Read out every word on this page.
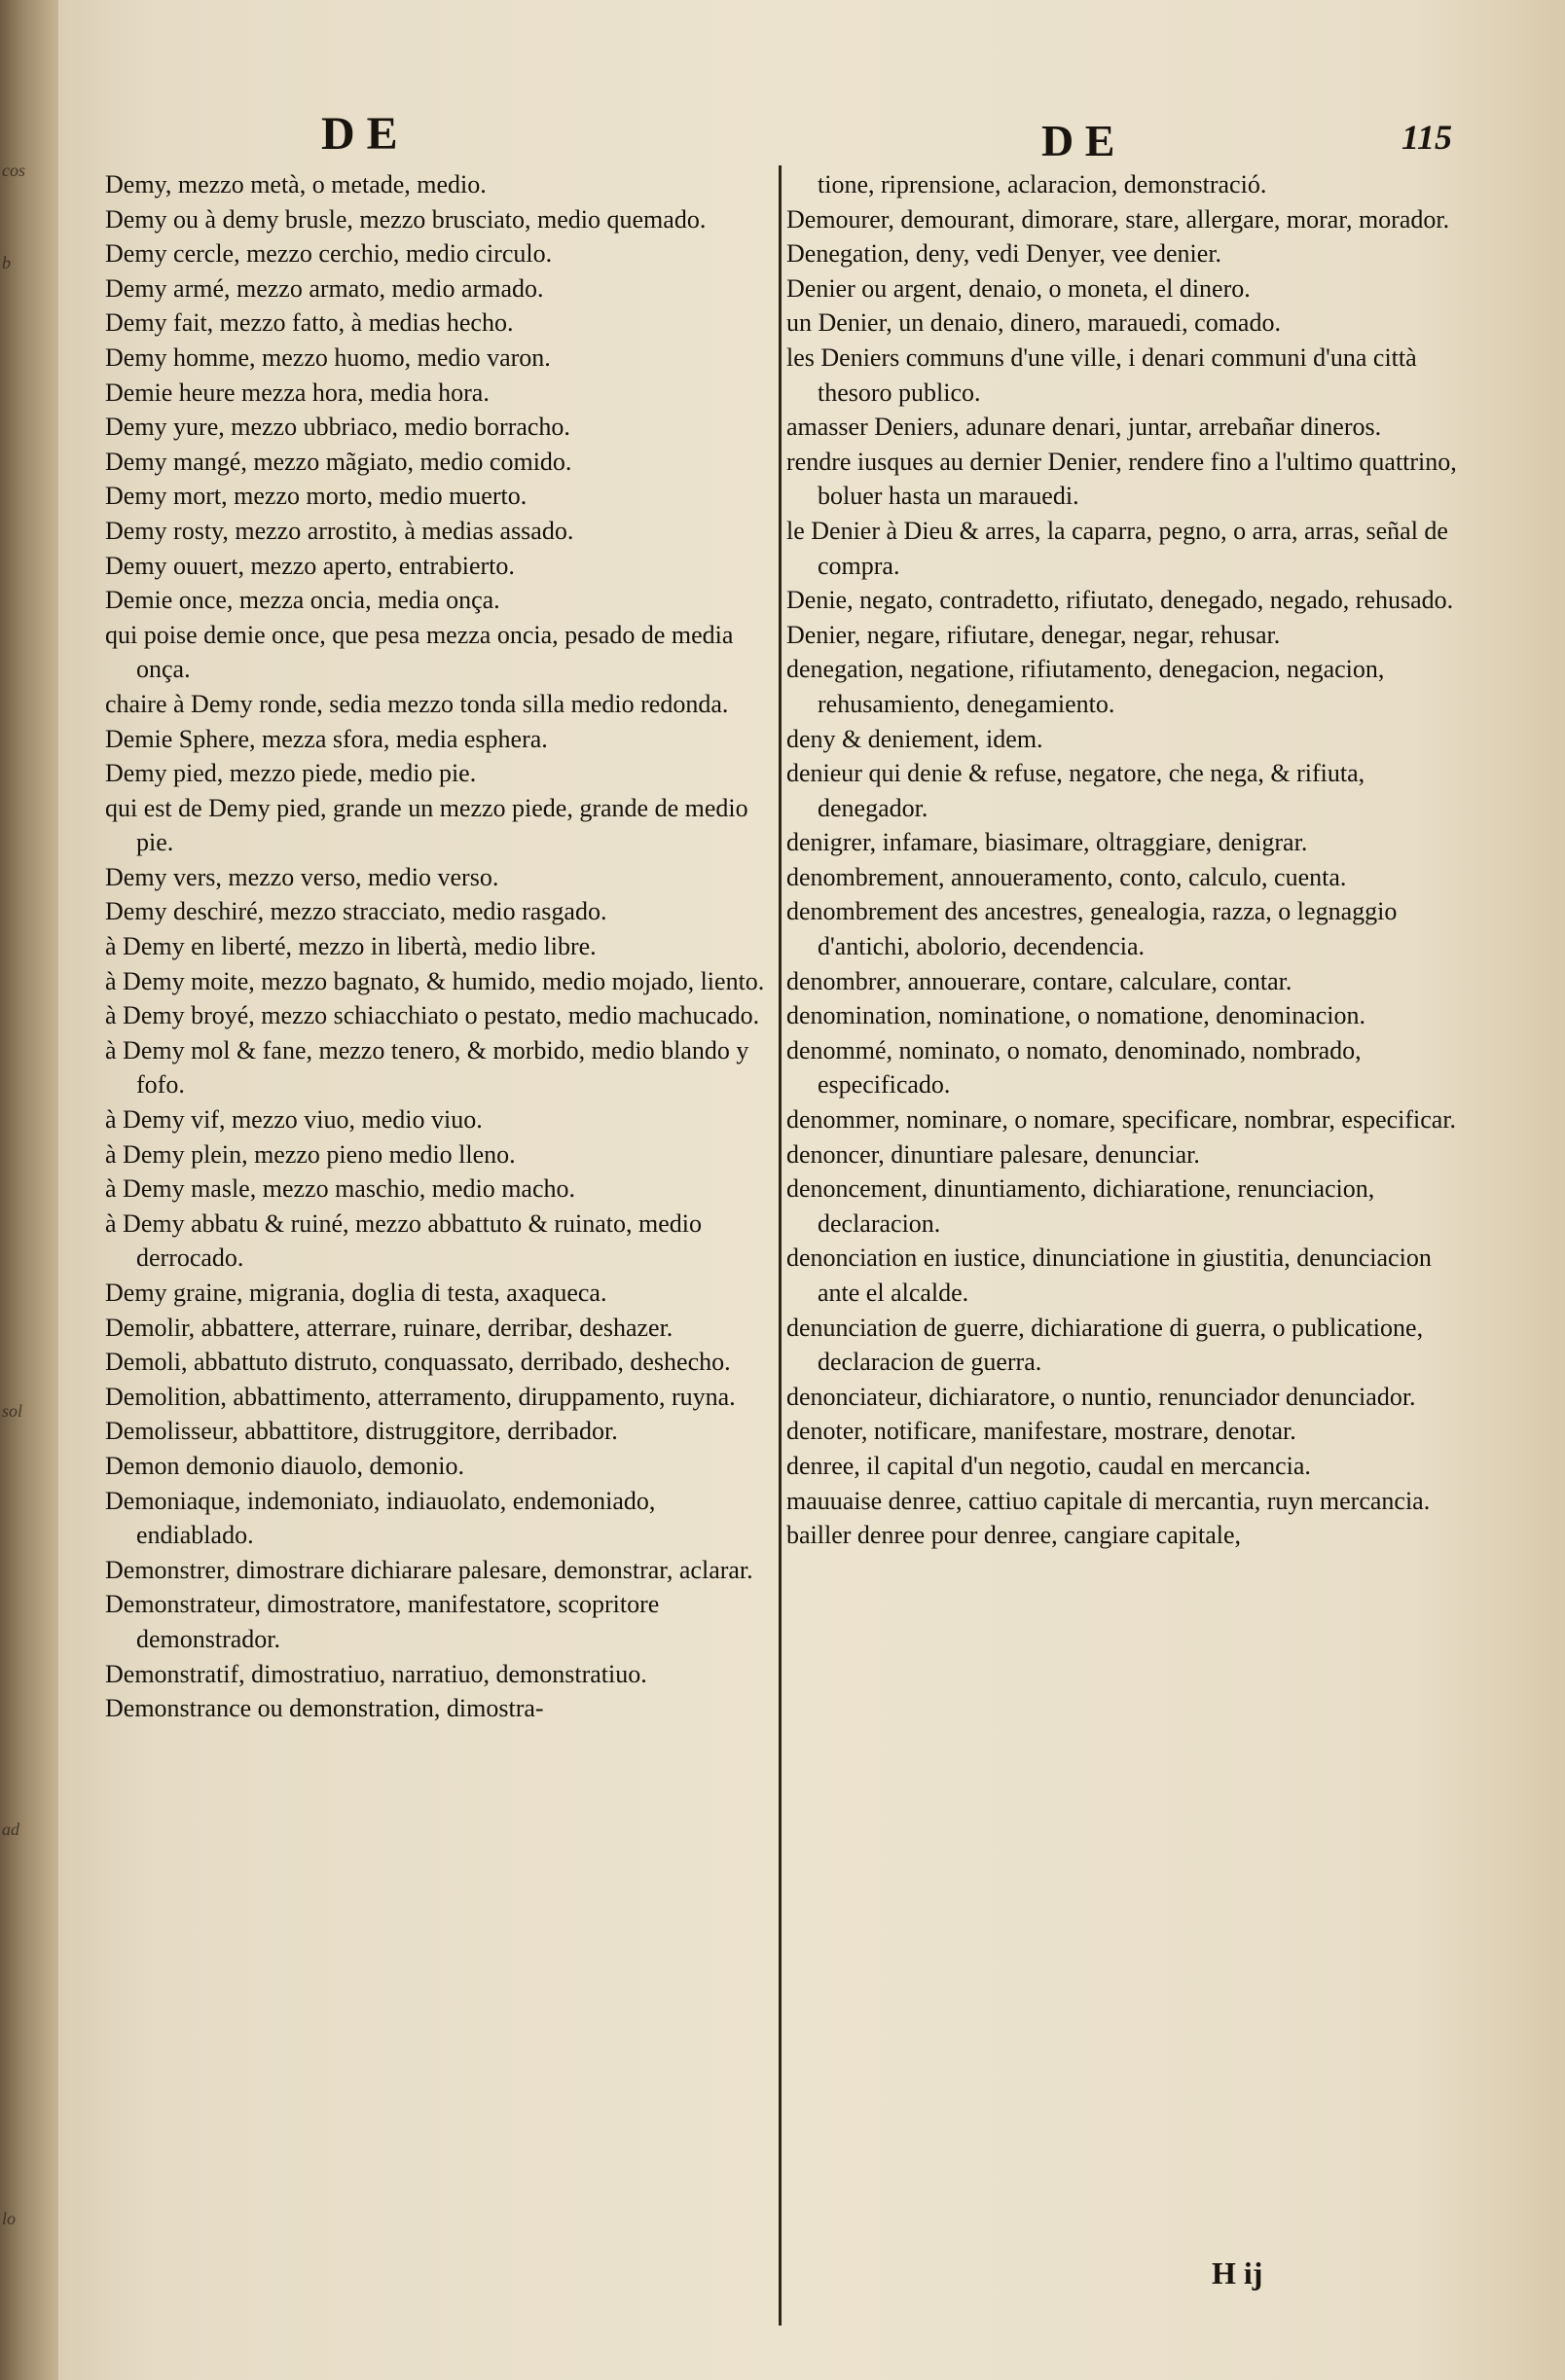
cos
b
sol
ad
lo
D E	D E	115

Demy, mezzo metà, o metade, medio.

Demy ou à demy brusle, mezzo brusciato, medio quemado.

Demy cercle, mezzo cerchio, medio circulo.

Demy armé, mezzo armato, medio armado.

Demy fait, mezzo fatto, à medias hecho.

Demy homme, mezzo huomo, medio varon.

Demie heure mezza hora, media hora.

Demy yure, mezzo ubbriaco, medio borracho.

Demy mangé, mezzo mãgiato, medio comido.

Demy mort, mezzo morto, medio muerto.

Demy rosty, mezzo arrostito, à medias assado.

Demy ouuert, mezzo aperto, entrabierto.

Demie once, mezza oncia, media onça.

qui poise demie once, que pesa mezza oncia, pesado de media onça.

chaire à Demy ronde, sedia mezzo tonda silla medio redonda.

Demie Sphere, mezza sfora, media esphera.

Demy pied, mezzo piede, medio pie.

qui est de Demy pied, grande un mezzo piede, grande de medio pie.

Demy vers, mezzo verso, medio verso.

Demy deschiré, mezzo stracciato, medio rasgado.

à Demy en liberté, mezzo in libertà, medio libre.

à Demy moite, mezzo bagnato, & humido, medio mojado, liento.

à Demy broyé, mezzo schiacchiato o pestato, medio machucado.

à Demy mol & fane, mezzo tenero, & morbido, medio blando y fofo.

à Demy vif, mezzo viuo, medio viuo.

à Demy plein, mezzo pieno medio lleno.

à Demy masle, mezzo maschio, medio macho.

à Demy abbatu & ruiné, mezzo abbattuto & ruinato, medio derrocado.

Demy graine, migrania, doglia di testa, axaqueca.

Demolir, abbattere, atterrare, ruinare, derribar, deshazer.

Demoli, abbattuto distruto, conquassato, derribado, deshecho.

Demolition, abbattimento, atterramento, diruppamento, ruyna.

Demolisseur, abbattitore, distruggitore, derribador.

Demon demonio diauolo, demonio.

Demoniaque, indemoniato, indiauolato, endemoniado, endiablado.

Demonstrer, dimostrare dichiarare palesare, demonstrar, aclarar.

Demonstrateur, dimostratore, manifestatore, scopritore demonstrador.

Demonstratif, dimostratiuo, narratiuo, demonstratiuo.

Demonstrance ou demonstration, dimostra-

tione, riprensione, aclaracion, demonstració.

Demourer, demourant, dimorare, stare, allergare, morar, morador.

Denegation, deny, vedi Denyer, vee denier.

Denier ou argent, denaio, o moneta, el dinero.

un Denier, un denaio, dinero, marauedi, comado.

les Deniers communs d'une ville, i denari communi d'una città thesoro publico.

amasser Deniers, adunare denari, juntar, arrebañar dineros.

rendre iusques au dernier Denier, rendere fino a l'ultimo quattrino, boluer hasta un marauedi.

le Denier à Dieu & arres, la caparra, pegno, o arra, arras, señal de compra.

Denie, negato, contradetto, rifiutato, denegado, negado, rehusado.

Denier, negare, rifiutare, denegar, negar, rehusar.

denegation, negatione, rifiutamento, denegacion, negacion, rehusamiento, denegamiento.

deny & deniement, idem.

denieur qui denie & refuse, negatore, che nega, & rifiuta, denegador.

denigrer, infamare, biasimare, oltraggiare, denigrar.

denombrement, annoueramento, conto, calculo, cuenta.

denombrement des ancestres, genealogia, razza, o legnaggio d'antichi, abolorio, decendencia.

denombrer, annouerare, contare, calculare, contar.

denomination, nominatione, o nomatione, denominacion.

denommé, nominato, o nomato, denominado, nombrado, especificado.

denommer, nominare, o nomare, specificare, nombrar, especificar.

denoncer, dinuntiare palesare, denunciar.

denoncement, dinuntiamento, dichiaratione, renunciacion, declaracion.

denonciation en iustice, dinunciatione in giustitia, denunciacion ante el alcalde.

denunciation de guerre, dichiaratione di guerra, o publicatione, declaracion de guerra.

denonciateur, dichiaratore, o nuntio, renunciador denunciador.

denoter, notificare, manifestare, mostrare, denotar.

denree, il capital d'un negotio, caudal en mercancia.

mauuaise denree, cattiuo capitale di mercantia, ruyn mercancia.

bailler denree pour denree, cangiare capitale,

H ij
